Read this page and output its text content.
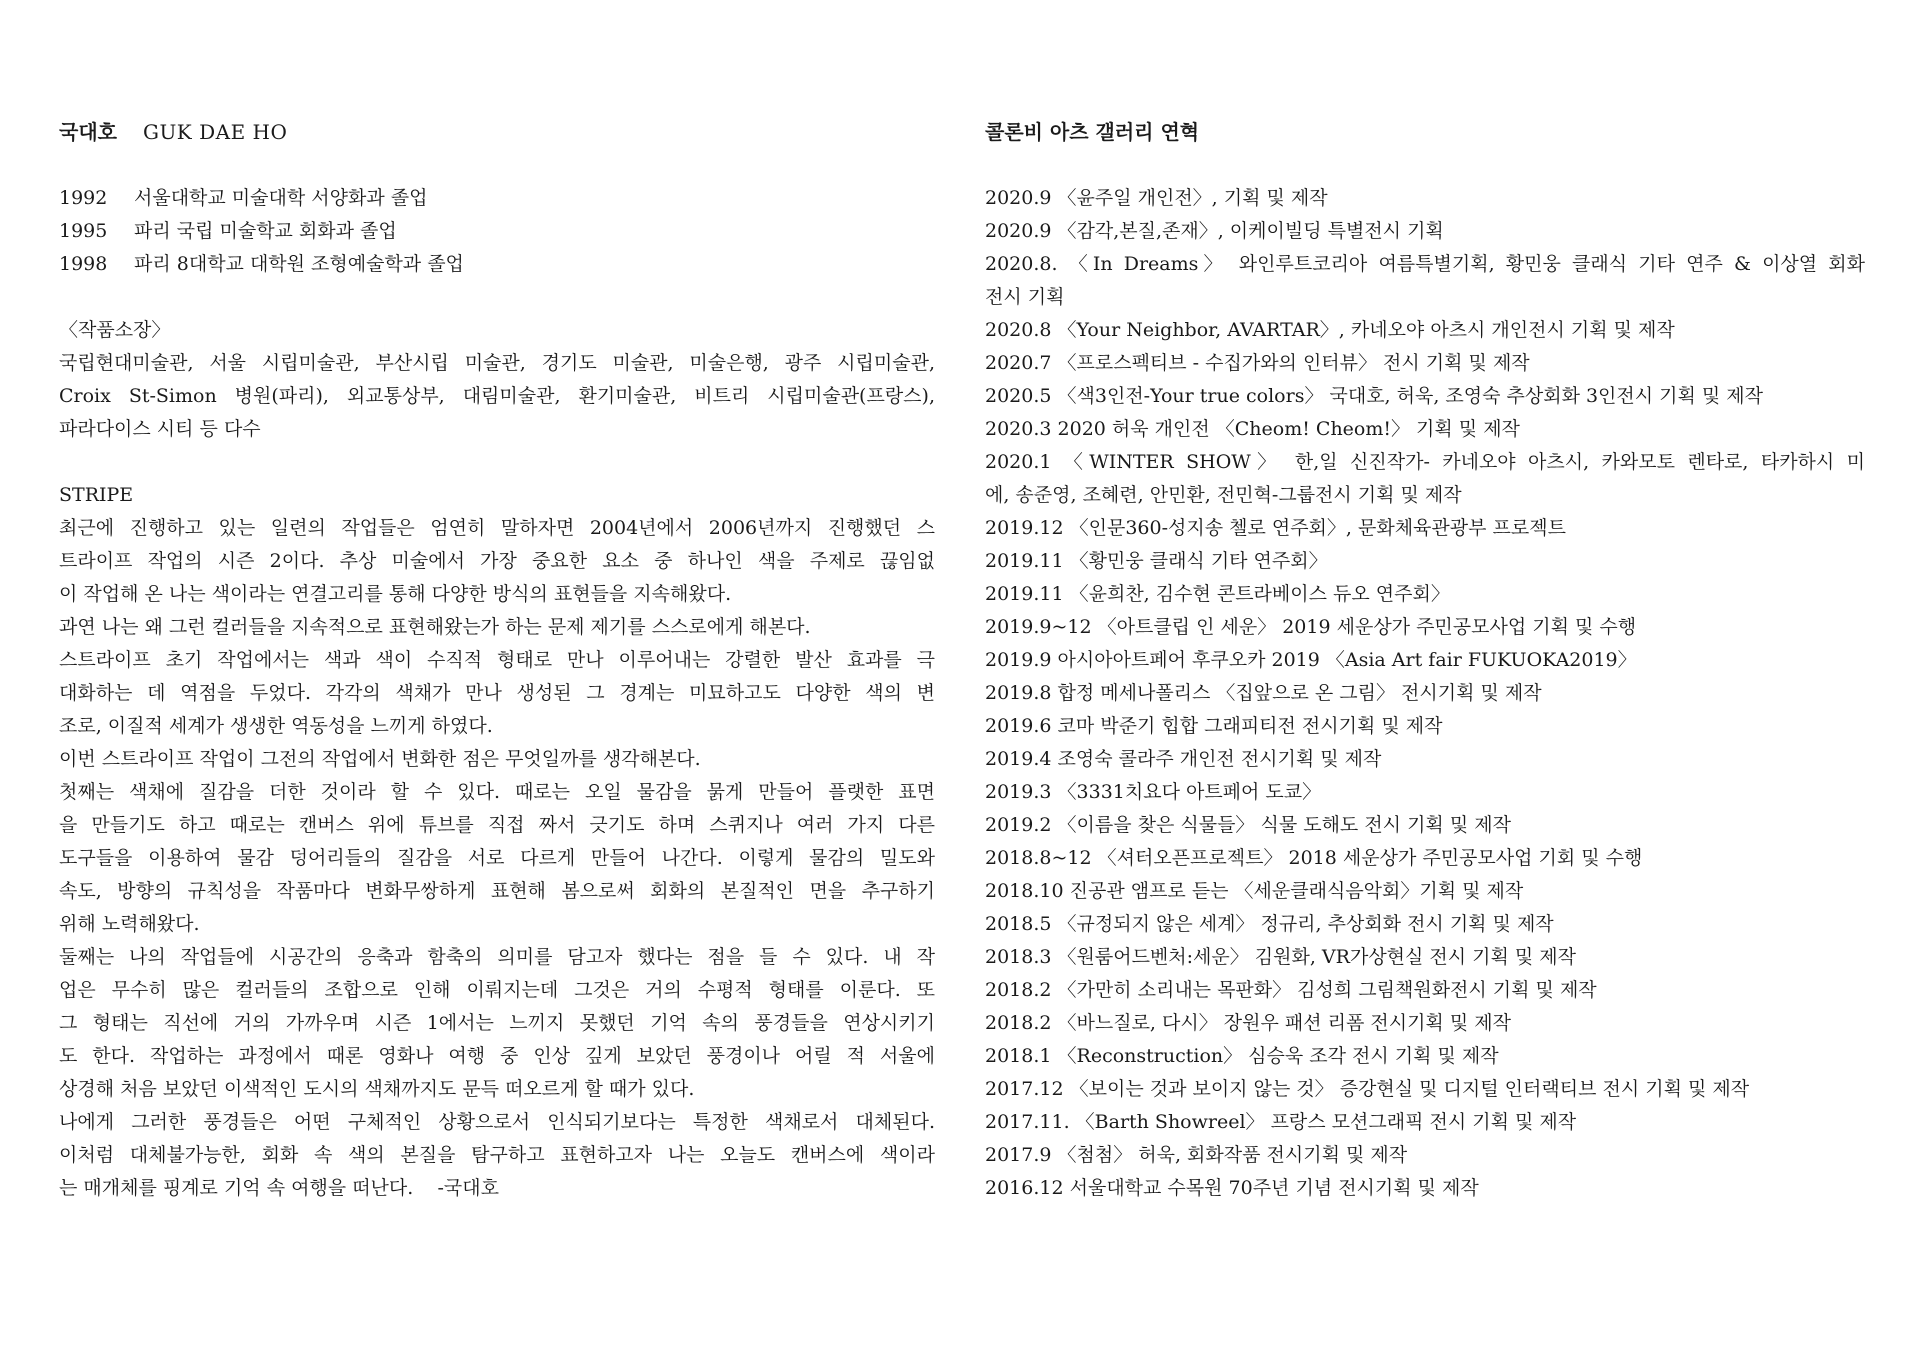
국대호 GUK DAE HO
1992 서울대학교 미술대학 서양화과 졸업
1995 파리 국립 미술학교 회화과 졸업
1998 파리 8대학교 대학원 조형예술학과 졸업
〈작품소장〉
국립현대미술관, 서울 시립미술관, 부산시립 미술관, 경기도 미술관, 미술은행, 광주 시립미술관,
Croix St-Simon 병원(파리), 외교통상부, 대림미술관, 환기미술관, 비트리 시립미술관(프랑스),
파라다이스 시티 등 다수
STRIPE
최근에 진행하고 있는 일련의 작업들은 엄연히 말하자면 2004년에서 2006년까지 진행했던 스
트라이프 작업의 시즌 2이다. 추상 미술에서 가장 중요한 요소 중 하나인 색을 주제로 끊임없
이 작업해 온 나는 색이라는 연결고리를 통해 다양한 방식의 표현들을 지속해왔다.
과연 나는 왜 그런 컬러들을 지속적으로 표현해왔는가 하는 문제 제기를 스스로에게 해본다.
스트라이프 초기 작업에서는 색과 색이 수직적 형태로 만나 이루어내는 강렬한 발산 효과를 극
대화하는 데 역점을 두었다. 각각의 색채가 만나 생성된 그 경계는 미묘하고도 다양한 색의 변
조로, 이질적 세계가 생생한 역동성을 느끼게 하였다.
이번 스트라이프 작업이 그전의 작업에서 변화한 점은 무엇일까를 생각해본다.
첫째는 색채에 질감을 더한 것이라 할 수 있다. 때로는 오일 물감을 묽게 만들어 플랫한 표면
을 만들기도 하고 때로는 캔버스 위에 튜브를 직접 짜서 긋기도 하며 스퀴지나 여러 가지 다른
도구들을 이용하여 물감 덩어리들의 질감을 서로 다르게 만들어 나간다. 이렇게 물감의 밀도와
속도, 방향의 규칙성을 작품마다 변화무쌍하게 표현해 봄으로써 회화의 본질적인 면을 추구하기
위해 노력해왔다.
둘째는 나의 작업들에 시공간의 응축과 함축의 의미를 담고자 했다는 점을 들 수 있다. 내 작
업은 무수히 많은 컬러들의 조합으로 인해 이뤄지는데 그것은 거의 수평적 형태를 이룬다. 또
그 형태는 직선에 거의 가까우며 시즌 1에서는 느끼지 못했던 기억 속의 풍경들을 연상시키기
도 한다. 작업하는 과정에서 때론 영화나 여행 중 인상 깊게 보았던 풍경이나 어릴 적 서울에
상경해 처음 보았던 이색적인 도시의 색채까지도 문득 떠오르게 할 때가 있다.
나에게 그러한 풍경들은 어떤 구체적인 상황으로서 인식되기보다는 특정한 색채로서 대체된다.
이처럼 대체불가능한, 회화 속 색의 본질을 탐구하고 표현하고자 나는 오늘도 캔버스에 색이라
는 매개체를 핑계로 기억 속 여행을 떠난다.    -국대호
콜론비 아츠 갤러리 연혁
2020.9 〈윤주일 개인전〉, 기획 및 제작
2020.9 〈감각,본질,존재〉, 이케이빌딩 특별전시 기획
2020.8. 〈In Dreams〉 와인루트코리아 여름특별기획, 황민웅 클래식 기타 연주 & 이상열 회화
전시 기획
2020.8 〈Your Neighbor, AVARTAR〉, 카네오야 아츠시 개인전시 기획 및 제작
2020.7 〈프로스펙티브 - 수집가와의 인터뷰〉 전시 기획 및 제작
2020.5 〈색3인전-Your true colors〉 국대호, 허욱, 조영숙 추상회화 3인전시 기획 및 제작
2020.3 2020 허욱 개인전 〈Cheom! Cheom!〉 기획 및 제작
2020.1 〈WINTER SHOW〉 한,일 신진작가- 카네오야 아츠시, 카와모토 렌타로, 타카하시 미
에, 송준영, 조혜련, 안민환, 전민혁-그룹전시 기획 및 제작
2019.12 〈인문360-성지송 첼로 연주회〉, 문화체육관광부 프로젝트
2019.11 〈황민웅 클래식 기타 연주회〉
2019.11 〈윤희찬, 김수현 콘트라베이스 듀오 연주회〉
2019.9~12 〈아트클립 인 세운〉 2019 세운상가 주민공모사업 기획 및 수행
2019.9 아시아아트페어 후쿠오카 2019 〈Asia Art fair FUKUOKA2019〉
2019.8 합정 메세나폴리스 〈집앞으로 온 그림〉 전시기획 및 제작
2019.6 코마 박준기 힙합 그래피티전 전시기획 및 제작
2019.4 조영숙 콜라주 개인전 전시기획 및 제작
2019.3 〈3331치요다 아트페어 도쿄〉
2019.2 〈이름을 찾은 식물들〉 식물 도해도 전시 기획 및 제작
2018.8~12 〈셔터오픈프로젝트〉 2018 세운상가 주민공모사업 기회 및 수행
2018.10 진공관 앰프로 듣는 〈세운클래식음악회〉기획 및 제작
2018.5 〈규정되지 않은 세계〉 정규리, 추상회화 전시 기획 및 제작
2018.3 〈원룸어드벤처:세운〉 김원화, VR가상현실 전시 기획 및 제작
2018.2 〈가만히 소리내는 목판화〉 김성희 그림책원화전시 기획 및 제작
2018.2 〈바느질로, 다시〉 장원우 패션 리폼 전시기획 및 제작
2018.1 〈Reconstruction〉 심승욱 조각 전시 기획 및 제작
2017.12 〈보이는 것과 보이지 않는 것〉 증강현실 및 디지털 인터랙티브 전시 기획 및 제작
2017.11. 〈Barth Showreel〉 프랑스 모션그래픽 전시 기획 및 제작
2017.9 〈첨첨〉 허욱, 회화작품 전시기획 및 제작
2016.12 서울대학교 수목원 70주년 기념 전시기획 및 제작
